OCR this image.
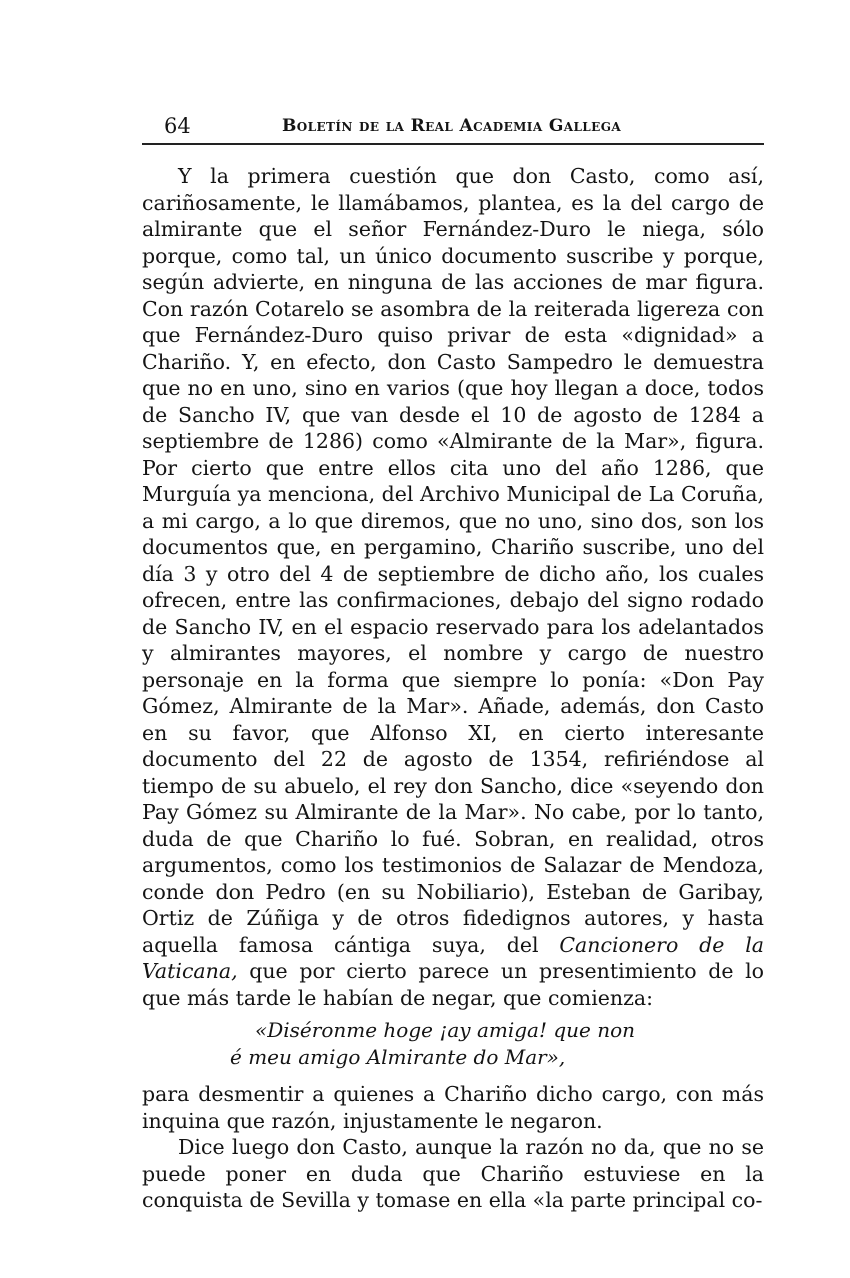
64	Boletín de la Real Academia Gallega

Y la primera cuestión que don Casto, como así, cariñosamente, le llamábamos, plantea, es la del cargo de almirante que el señor Fernández-Duro le niega, sólo porque, como tal, un único documento suscribe y porque, según advierte, en ninguna de las acciones de mar figura. Con razón Cotarelo se asombra de la reiterada ligereza con que Fernández-Duro quiso privar de esta «dignidad» a Chariño. Y, en efecto, don Casto Sampedro le demuestra que no en uno, sino en varios (que hoy llegan a doce, todos de Sancho IV, que van desde el 10 de agosto de 1284 a septiembre de 1286) como «Almirante de la Mar», figura. Por cierto que entre ellos cita uno del año 1286, que Murguía ya menciona, del Archivo Municipal de La Coruña, a mi cargo, a lo que diremos, que no uno, sino dos, son los documentos que, en pergamino, Chariño suscribe, uno del día 3 y otro del 4 de septiembre de dicho año, los cuales ofrecen, entre las confirmaciones, debajo del signo rodado de Sancho IV, en el espacio reservado para los adelantados y almirantes mayores, el nombre y cargo de nuestro personaje en la forma que siempre lo ponía: «Don Pay Gómez, Almirante de la Mar». Añade, además, don Casto en su favor, que Alfonso XI, en cierto interesante documento del 22 de agosto de 1354, refiriéndose al tiempo de su abuelo, el rey don Sancho, dice «seyendo don Pay Gómez su Almirante de la Mar». No cabe, por lo tanto, duda de que Chariño lo fué. Sobran, en realidad, otros argumentos, como los testimonios de Salazar de Mendoza, conde don Pedro (en su Nobiliario), Esteban de Garibay, Ortiz de Zúñiga y de otros fidedignos autores, y hasta aquella famosa cántiga suya, del Cancionero de la Vaticana, que por cierto parece un presentimiento de lo que más tarde le habían de negar, que comienza:

«Diséronme hoge ¡ay amiga! que non
é meu amigo Almirante do Mar»,

para desmentir a quienes a Chariño dicho cargo, con más inquina que razón, injustamente le negaron.

Dice luego don Casto, aunque la razón no da, que no se puede poner en duda que Chariño estuviese en la conquista de Sevilla y tomase en ella «la parte principal co-
